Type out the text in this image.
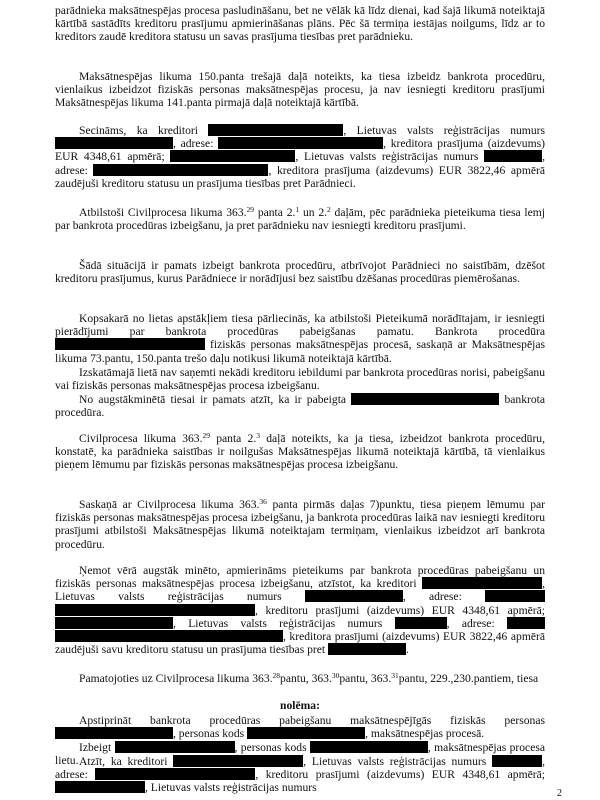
parādnieka maksātnespējas procesa pasludināšanu, bet ne vēlāk kā līdz dienai, kad šajā likumā noteiktajā kārtībā sastādīts kreditoru prasījumu apmierināšanas plāns. Pēc šā termiņa iestājas noilgums, līdz ar to kreditors zaudē kreditora statusu un savas prasījuma tiesības pret parādnieku.

Maksātnespējas likuma 150.panta trešajā daļā noteikts, ka tiesa izbeidz bankrota procedūru, vienlaikus izbeidzot fiziskās personas maksātnespējas procesu, ja nav iesniegti kreditoru prasījumi Maksātnespējas likuma 141.panta pirmajā daļā noteiktajā kārtībā.

Secināms, ka kreditori	, Lietuvas valsts reģistrācijas numurs , adrese:	, kreditora prasījuma (aizdevums) EUR 4348,61 apmērā;	, Lietuvas valsts reģistrācijas numurs	, adrese:	, kreditora prasījuma (aizdevums) EUR 3822,46 apmērā zaudējuši kreditoru statusu un prasījuma tiesības pret Parādnieci.

Atbilstoši Civilprocesa likuma 363.29 panta 2.$^1$ un 2.$^2$ daļām, pēc parādnieka pieteikuma tiesa lemj par bankrota procedūras izbeigšanu, ja pret parādnieku nav iesniegti kreditoru prasījumi.

Šādā situācijā ir pamats izbeigt bankrota procedūru, atbrīvojot Parādnieci no saistībām, dzēšot kreditoru prasījumus, kurus Parādniece ir norādījusi bez saistību dzēšanas procedūras piemērošanas.

Kopsakarā no lietas apstākļiem tiesa pārliecinās, ka atbilstoši Pieteikumā norādītajam, ir iesniegti pierādījumi par bankrota procedūras pabeigšanas pamatu. Bankrota procedūra  fiziskās personas maksātnespējas procesā, saskaņā ar Maksātnespējas likuma 73.pantu, 150.panta trešo daļu notikusi likumā noteiktajā kārtībā.

Izskatāmajā lietā nav saņemti nekādi kreditoru iebildumi par bankrota procedūras norisi, pabeigšanu vai fiziskās personas maksātnespējas procesa izbeigšanu.

No augstākminētā tiesai ir pamats atzīt, ka ir pabeigta	bankrota procedūra.

Civilprocesa likuma 363.29 panta 2.$^3$ daļā noteikts, ka ja tiesa, izbeidzot bankrota procedūru, konstatē, ka parādnieka saistības ir noilgušas Maksātnespējas likumā noteiktajā kārtībā, tā vienlaikus pieņem lēmumu par fiziskās personas maksātnespējas procesa izbeigšanu.

Saskaņā ar Civilprocesa likuma 363.36 panta pirmās daļas 7)punktu, tiesa pieņem lēmumu par fiziskās personas maksātnespējas procesa izbeigšanu, ja bankrota procedūras laikā nav iesniegti kreditoru prasījumi atbilstoši Maksātnespējas likumā noteiktajam termiņam, vienlaikus izbeidzot arī bankrota procedūru.

Ņemot vērā augstāk minēto, apmierināms pieteikums par bankrota procedūras pabeigšanu un fiziskās personas maksātnespējas procesa izbeigšanu, atzīstot, ka kreditori	, Lietuvas valsts reģistrācijas numurs	, adrese:  , kreditoru prasījumi (aizdevums) EUR 4348,61 apmērā; , Lietuvas valsts reģistrācijas numurs	, adrese:  , kreditora prasījumi (aizdevums) EUR 3822,46 apmērā zaudējuši savu kreditoru statusu un prasījuma tiesības pret	.

Pamatojoties uz Civilprocesa likuma 363.28pantu, 363.30pantu, 363.31pantu, 229.,230.pantiem, tiesa

nolēma:

Apstiprināt bankrota procedūras pabeigšanu maksātnespējīgās fiziskās personas , personas kods	, maksātnespējas procesā.

Izbeigt	, personas kods	, maksātnespējas procesa lietu. Atzīt, ka kreditori	, Lietuvas valsts reģistrācijas numurs	, adrese:	, kreditoru prasījumi (aizdevums) EUR 4348,61 apmērā; , Lietuvas valsts reģistrācijas numurs	2
